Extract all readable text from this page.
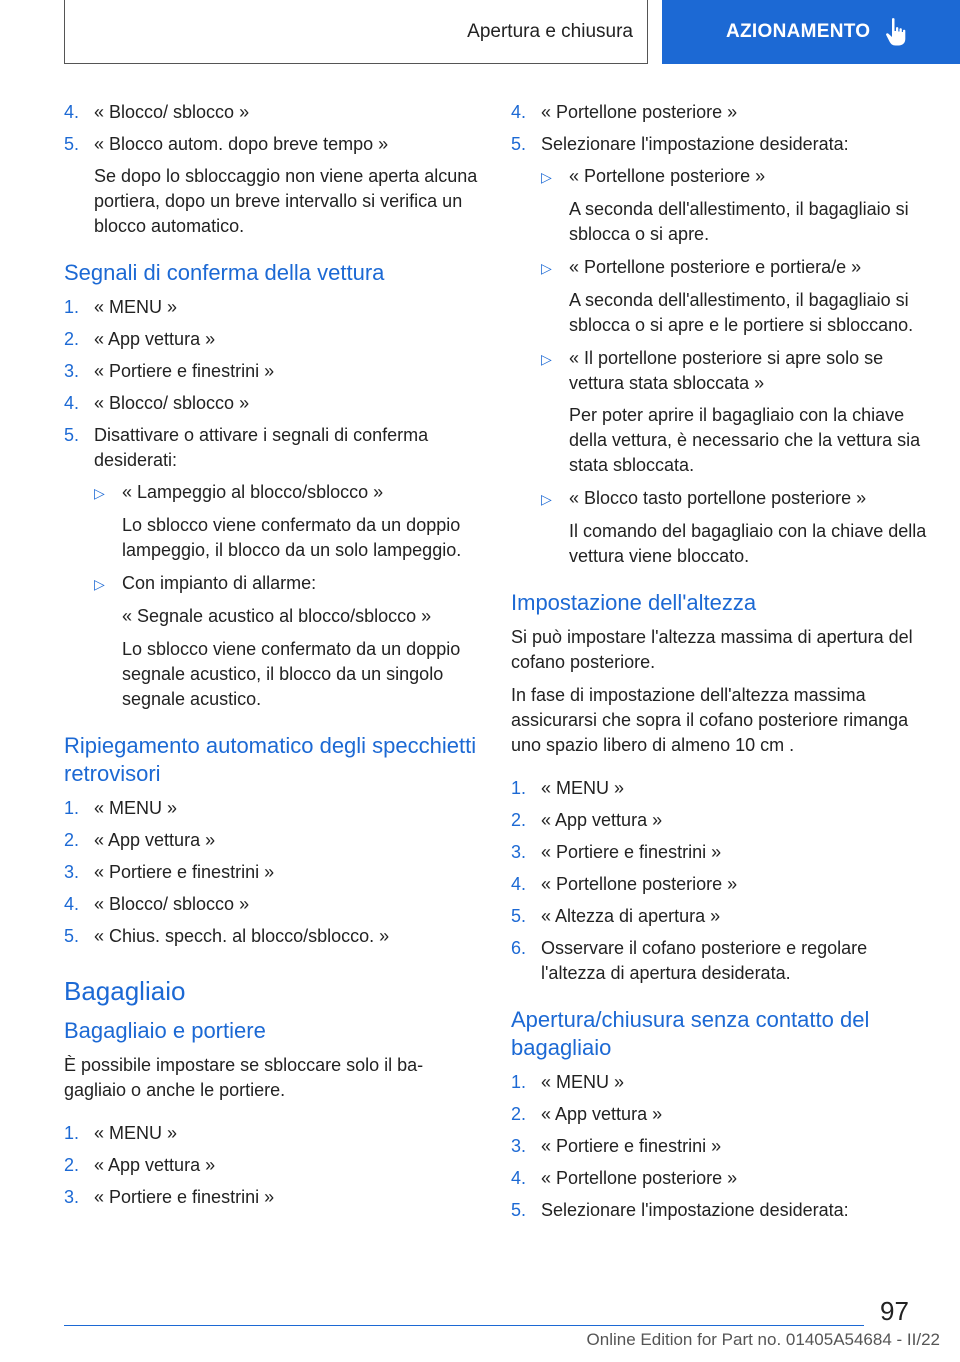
Apertura e chiusura	AZIONAMENTO
4. « Blocco/ sblocco »
5. « Blocco autom. dopo breve tempo »
Se dopo lo sbloccaggio non viene aperta alcuna portiera, dopo un breve intervallo si verifica un blocco automatico.
Segnali di conferma della vettura
1. « MENU »
2. « App vettura »
3. « Portiere e finestrini »
4. « Blocco/ sblocco »
5. Disattivare o attivare i segnali di conferma desiderati:
▷ « Lampeggio al blocco/sblocco »
Lo sblocco viene confermato da un doppio lampeggio, il blocco da un solo lampeggio.
▷ Con impianto di allarme:
« Segnale acustico al blocco/sblocco »
Lo sblocco viene confermato da un doppio segnale acustico, il blocco da un singolo segnale acustico.
Ripiegamento automatico degli specchietti retrovisori
1. « MENU »
2. « App vettura »
3. « Portiere e finestrini »
4. « Blocco/ sblocco »
5. « Chius. specch. al blocco/sblocco. »
Bagagliaio
Bagagliaio e portiere
È possibile impostare se sbloccare solo il bagagliaio o anche le portiere.
1. « MENU »
2. « App vettura »
3. « Portiere e finestrini »
4. « Portellone posteriore »
5. Selezionare l'impostazione desiderata:
▷ « Portellone posteriore »
A seconda dell'allestimento, il bagagliaio si sblocca o si apre.
▷ « Portellone posteriore e portiera/e »
A seconda dell'allestimento, il bagagliaio si sblocca o si apre e le portiere si sbloccano.
▷ « Il portellone posteriore si apre solo se vettura stata sbloccata »
Per poter aprire il bagagliaio con la chiave della vettura, è necessario che la vettura sia stata sbloccata.
▷ « Blocco tasto portellone posteriore »
Il comando del bagagliaio con la chiave della vettura viene bloccato.
Impostazione dell'altezza
Si può impostare l'altezza massima di apertura del cofano posteriore.
In fase di impostazione dell'altezza massima assicurarsi che sopra il cofano posteriore rimanga uno spazio libero di almeno 10 cm .
1. « MENU »
2. « App vettura »
3. « Portiere e finestrini »
4. « Portellone posteriore »
5. « Altezza di apertura »
6. Osservare il cofano posteriore e regolare l'altezza di apertura desiderata.
Apertura/chiusura senza contatto del bagagliaio
1. « MENU »
2. « App vettura »
3. « Portiere e finestrini »
4. « Portellone posteriore »
5. Selezionare l'impostazione desiderata:
97
Online Edition for Part no. 01405A54684 - II/22
